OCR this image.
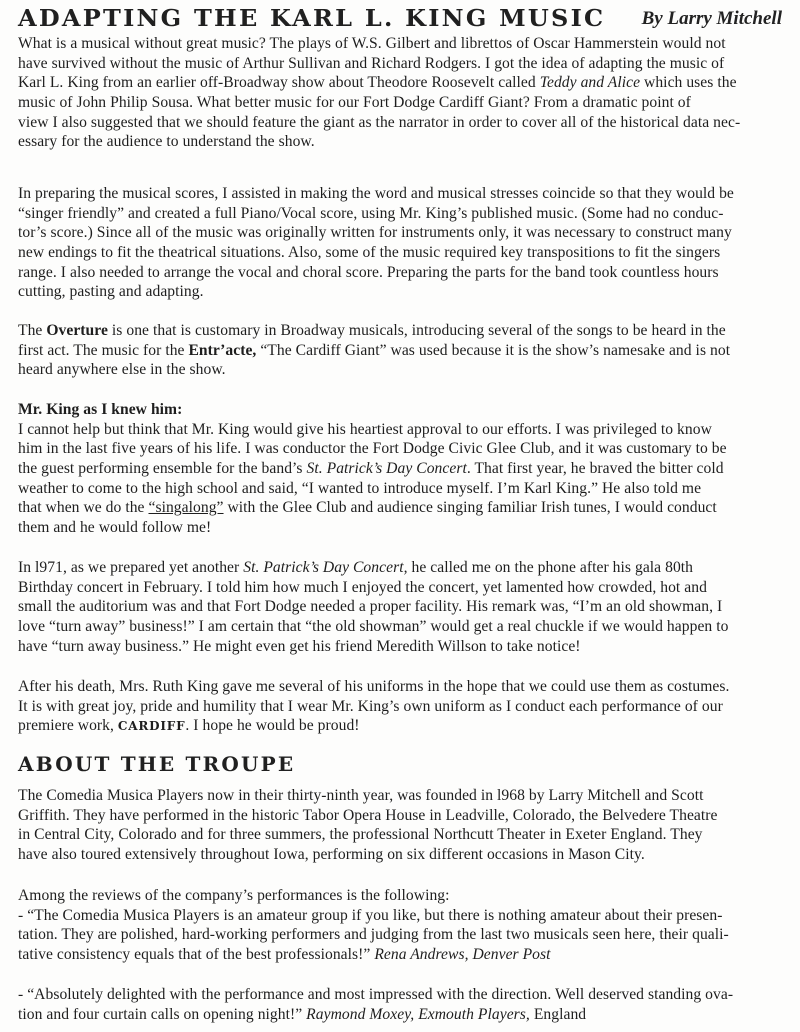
ADAPTING THE KARL L. KING MUSIC By Larry Mitchell
What is a musical without great music? The plays of W.S. Gilbert and librettos of Oscar Hammerstein would not
have survived without the music of Arthur Sullivan and Richard Rodgers. I got the idea of adapting the music of
Karl L. King from an earlier off-Broadway show about Theodore Roosevelt called Teddy and Alice which uses the
music of John Philip Sousa. What better music for our Fort Dodge Cardiff Giant? From a dramatic point of
view I also suggested that we should feature the giant as the narrator in order to cover all of the historical data nec-
essary for the audience to understand the show.
In preparing the musical scores, I assisted in making the word and musical stresses coincide so that they would be
“singer friendly” and created a full Piano/Vocal score, using Mr. King’s published music. (Some had no conduc-
tor’s score.) Since all of the music was originally written for instruments only, it was necessary to construct many
new endings to fit the theatrical situations. Also, some of the music required key transpositions to fit the singers
range. I also needed to arrange the vocal and choral score. Preparing the parts for the band took countless hours
cutting, pasting and adapting.
The Overture is one that is customary in Broadway musicals, introducing several of the songs to be heard in the
first act. The music for the Entr’acte, “The Cardiff Giant” was used because it is the show’s namesake and is not
heard anywhere else in the show.
Mr. King as I knew him:
I cannot help but think that Mr. King would give his heartiest approval to our efforts. I was privileged to know
him in the last five years of his life. I was conductor the Fort Dodge Civic Glee Club, and it was customary to be
the guest performing ensemble for the band’s St. Patrick’s Day Concert. That first year, he braved the bitter cold
weather to come to the high school and said, “I wanted to introduce myself. I’m Karl King.” He also told me
that when we do the “singalong” with the Glee Club and audience singing familiar Irish tunes, I would conduct
them and he would follow me!
In l971, as we prepared yet another St. Patrick’s Day Concert, he called me on the phone after his gala 80th
Birthday concert in February. I told him how much I enjoyed the concert, yet lamented how crowded, hot and
small the auditorium was and that Fort Dodge needed a proper facility. His remark was, “I’m an old showman, I
love “turn away” business!” I am certain that “the old showman” would get a real chuckle if we would happen to
have “turn away business.” He might even get his friend Meredith Willson to take notice!
After his death, Mrs. Ruth King gave me several of his uniforms in the hope that we could use them as costumes.
It is with great joy, pride and humility that I wear Mr. King’s own uniform as I conduct each performance of our
premiere work, CARDIFF. I hope he would be proud!
ABOUT THE TROUPE
The Comedia Musica Players now in their thirty-ninth year, was founded in l968 by Larry Mitchell and Scott
Griffith. They have performed in the historic Tabor Opera House in Leadville, Colorado, the Belvedere Theatre
in Central City, Colorado and for three summers, the professional Northcutt Theater in Exeter England. They
have also toured extensively throughout Iowa, performing on six different occasions in Mason City.
Among the reviews of the company’s performances is the following:
- “The Comedia Musica Players is an amateur group if you like, but there is nothing amateur about their presen-
tation. They are polished, hard-working performers and judging from the last two musicals seen here, their quali-
tative consistency equals that of the best professionals!” Rena Andrews, Denver Post
- “Absolutely delighted with the performance and most impressed with the direction. Well deserved standing ova-
tion and four curtain calls on opening night!” Raymond Moxey, Exmouth Players, England
